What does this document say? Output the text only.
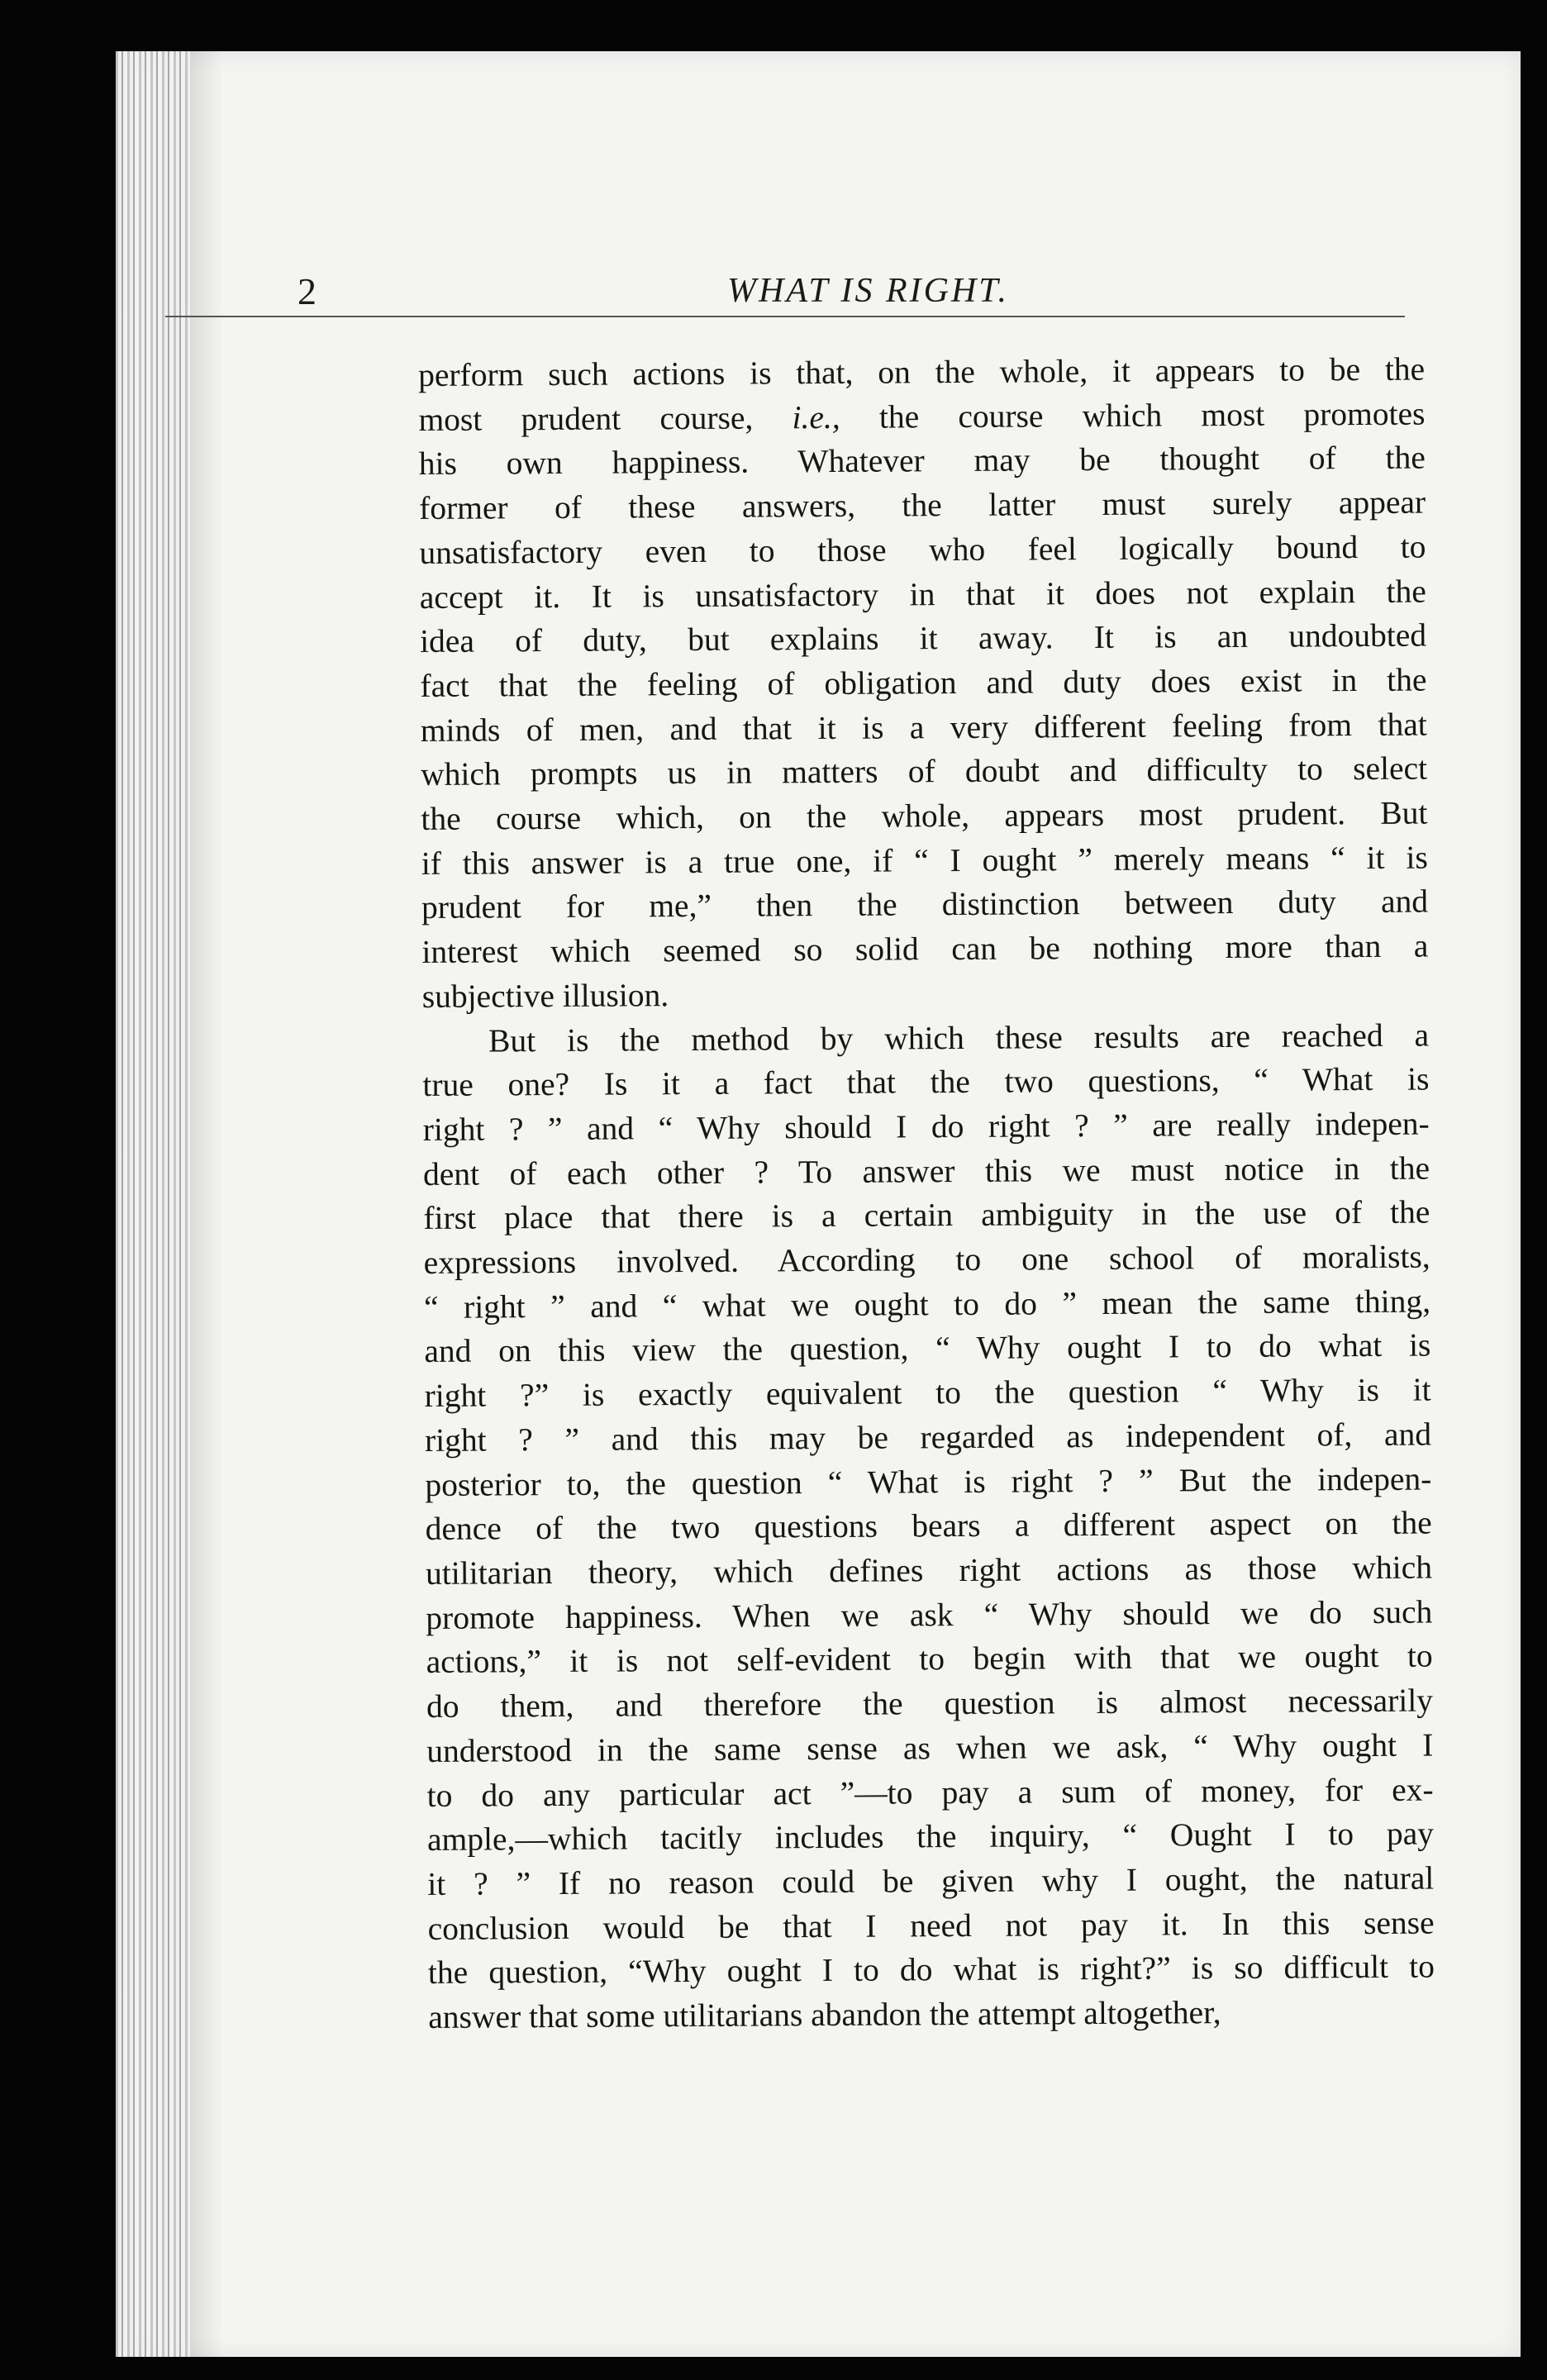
2	WHAT IS RIGHT.
perform such actions is that, on the whole, it appears to be the
most prudent course, i.e., the course which most promotes
his own happiness. Whatever may be thought of the
former of these answers, the latter must surely appear
unsatisfactory even to those who feel logically bound to
accept it. It is unsatisfactory in that it does not explain the
idea of duty, but explains it away. It is an undoubted
fact that the feeling of obligation and duty does exist in the
minds of men, and that it is a very different feeling from that
which prompts us in matters of doubt and difficulty to select
the course which, on the whole, appears most prudent. But
if this answer is a true one, if “ I ought ” merely means “ it is
prudent for me,” then the distinction between duty and
interest which seemed so solid can be nothing more than a
subjective illusion.
But is the method by which these results are reached a
true one? Is it a fact that the two questions, “ What is
right ? ” and “ Why should I do right ? ” are really indepen-
dent of each other ? To answer this we must notice in the
first place that there is a certain ambiguity in the use of the
expressions involved. According to one school of moralists,
“ right ” and “ what we ought to do ” mean the same thing,
and on this view the question, “ Why ought I to do what is
right ?” is exactly equivalent to the question “ Why is it
right ? ” and this may be regarded as independent of, and
posterior to, the question “ What is right ? ” But the indepen-
dence of the two questions bears a different aspect on the
utilitarian theory, which defines right actions as those which
promote happiness. When we ask “ Why should we do such
actions,” it is not self-evident to begin with that we ought to
do them, and therefore the question is almost necessarily
understood in the same sense as when we ask, “ Why ought I
to do any particular act ”—to pay a sum of money, for ex-
ample,—which tacitly includes the inquiry, “ Ought I to pay
it ? ” If no reason could be given why I ought, the natural
conclusion would be that I need not pay it. In this sense
the question, “Why ought I to do what is right?” is so difficult to
answer that some utilitarians abandon the attempt altogether,
